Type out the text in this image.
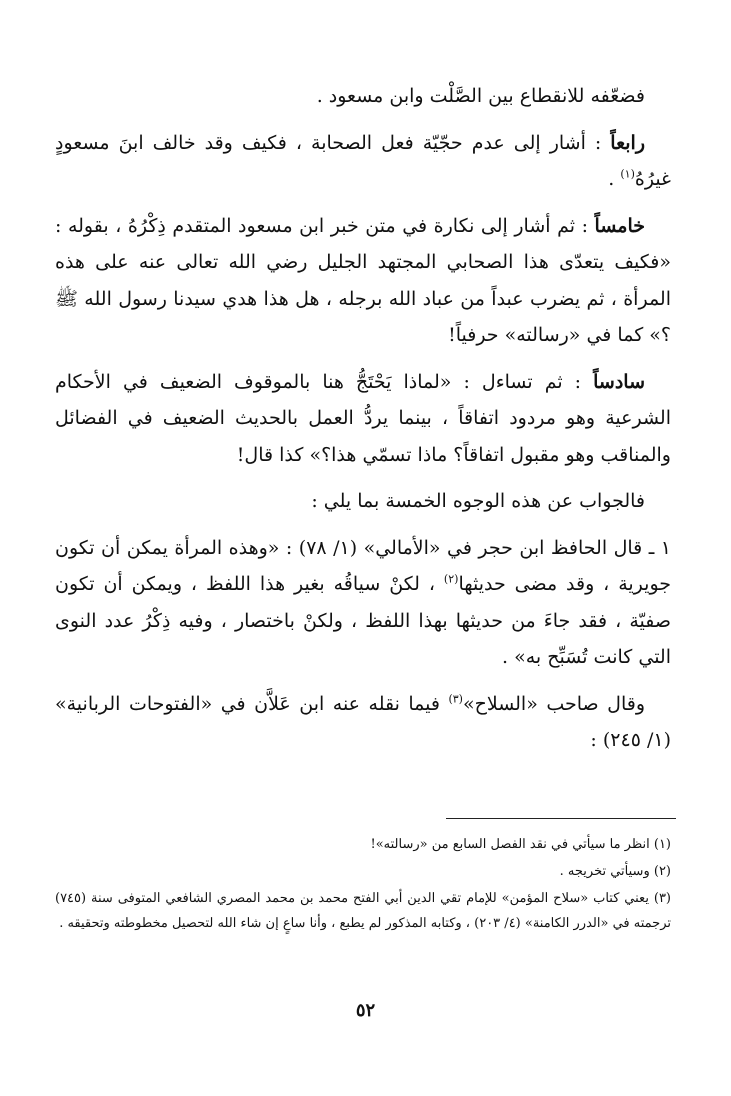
فضعّفه للانقطاع بين الصَّلْت وابن مسعود .

رابعاً : أشار إلى عدم حجّيّة فعل الصحابة ، فكيف وقد خالف ابنَ مسعودٍ غيرُهُ$^{(١)}$ .

خامساً : ثم أشار إلى نكارة في متن خبر ابن مسعود المتقدم ذِكْرُهُ ، بقوله : «فكيف يتعدّى هذا الصحابي المجتهد الجليل رضي الله تعالى عنه على هذه المرأة ، ثم يضرب عبداً من عباد الله برجله ، هل هذا هدي سيدنا رسول الله ﷺ ؟» كما في «رسالته» حرفياً!

سادساً : ثم تساءل : «لماذا يَحْتَجُّ هنا بالموقوف الضعيف في الأحكام الشرعية وهو مردود اتفاقاً ، بينما يردُّ العمل بالحديث الضعيف في الفضائل والمناقب وهو مقبول اتفاقاً؟ ماذا تسمّي هذا؟» كذا قال!

فالجواب عن هذه الوجوه الخمسة بما يلي :

١ ـ قال الحافظ ابن حجر في «الأمالي» (١/ ٧٨) : «وهذه المرأة يمكن أن تكون جويرية ، وقد مضى حديثها$^{(٢)}$ ، لكنْ سياقُه بغير هذا اللفظ ، ويمكن أن تكون صفيّة ، فقد جاءَ من حديثها بهذا اللفظ ، ولكنْ باختصار ، وفيه ذِكْرُ عدد النوى التي كانت تُسَبِّح به» .

وقال صاحب «السلاح»$^{(٣)}$ فيما نقله عنه ابن عَلاَّن في «الفتوحات الربانية» (١/ ٢٤٥) :

(١) انظر ما سيأتي في نقد الفصل السابع من «رسالته»!

(٢) وسيأتي تخريجه .

(٣) يعني كتاب «سلاح المؤمن» للإمام تقي الدين أبي الفتح محمد بن محمد المصري الشافعي المتوفى سنة (٧٤٥) ترجمته في «الدرر الكامنة» (٤/ ٢٠٣) ، وكتابه المذكور لم يطبع ، وأنا ساعٍ إن شاء الله لتحصيل مخطوطته وتحقيقه .

٥٢
